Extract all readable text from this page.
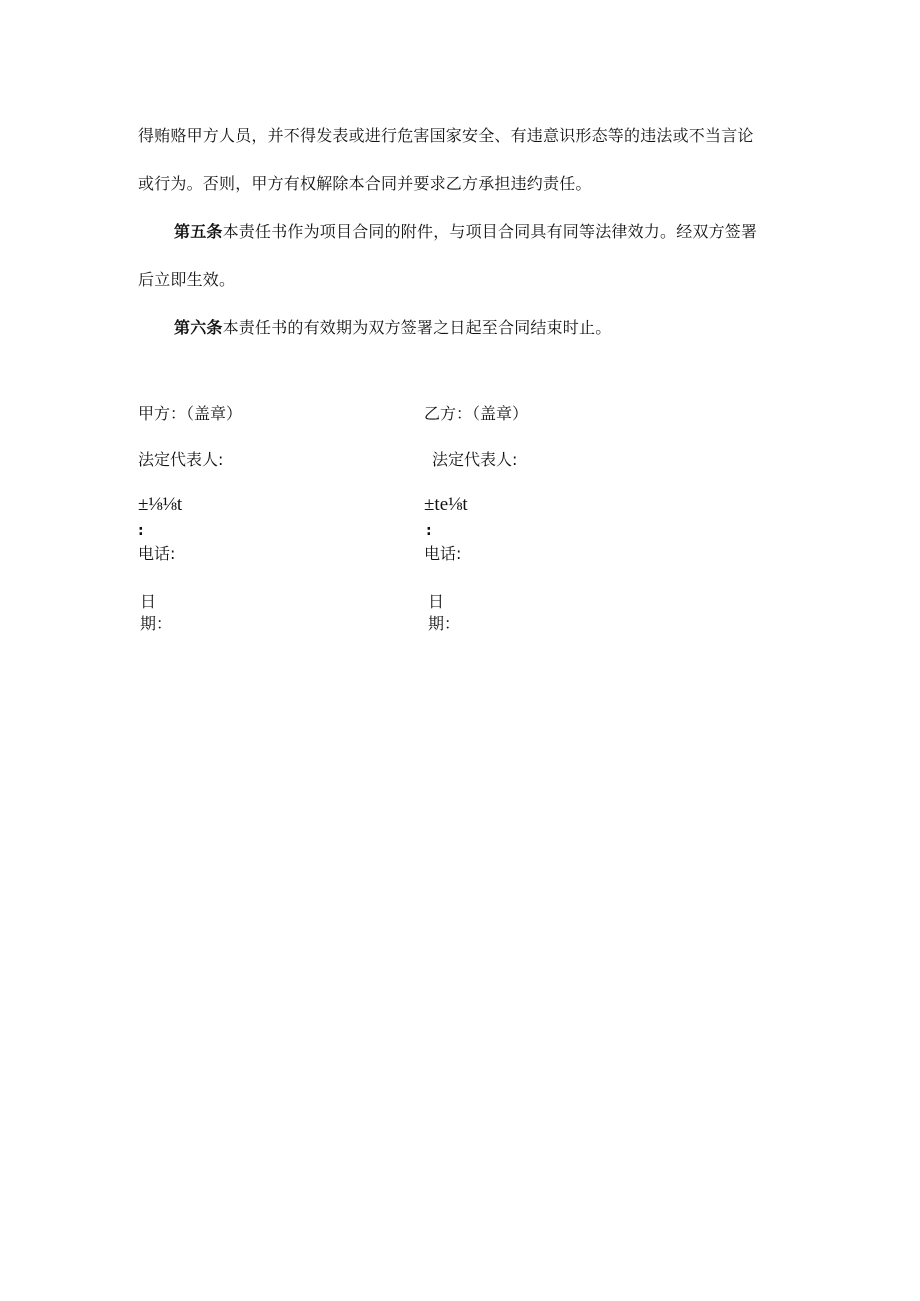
得贿赂甲方人员，并不得发表或进行危害国家安全、有违意识形态等的违法或不当言论
或行为。否则，甲方有权解除本合同并要求乙方承担违约责任。
第五条本责任书作为项目合同的附件，与项目合同具有同等法律效力。经双方签署
后立即生效。
第六条本责任书的有效期为双方签署之日起至合同结束时止。
甲方：（盖章）
法定代表人:
±⅛⅛t
:
电话:
日
期：
乙方：（盖章）
法定代表人:
±te⅛t
:
电话:
日
期：
